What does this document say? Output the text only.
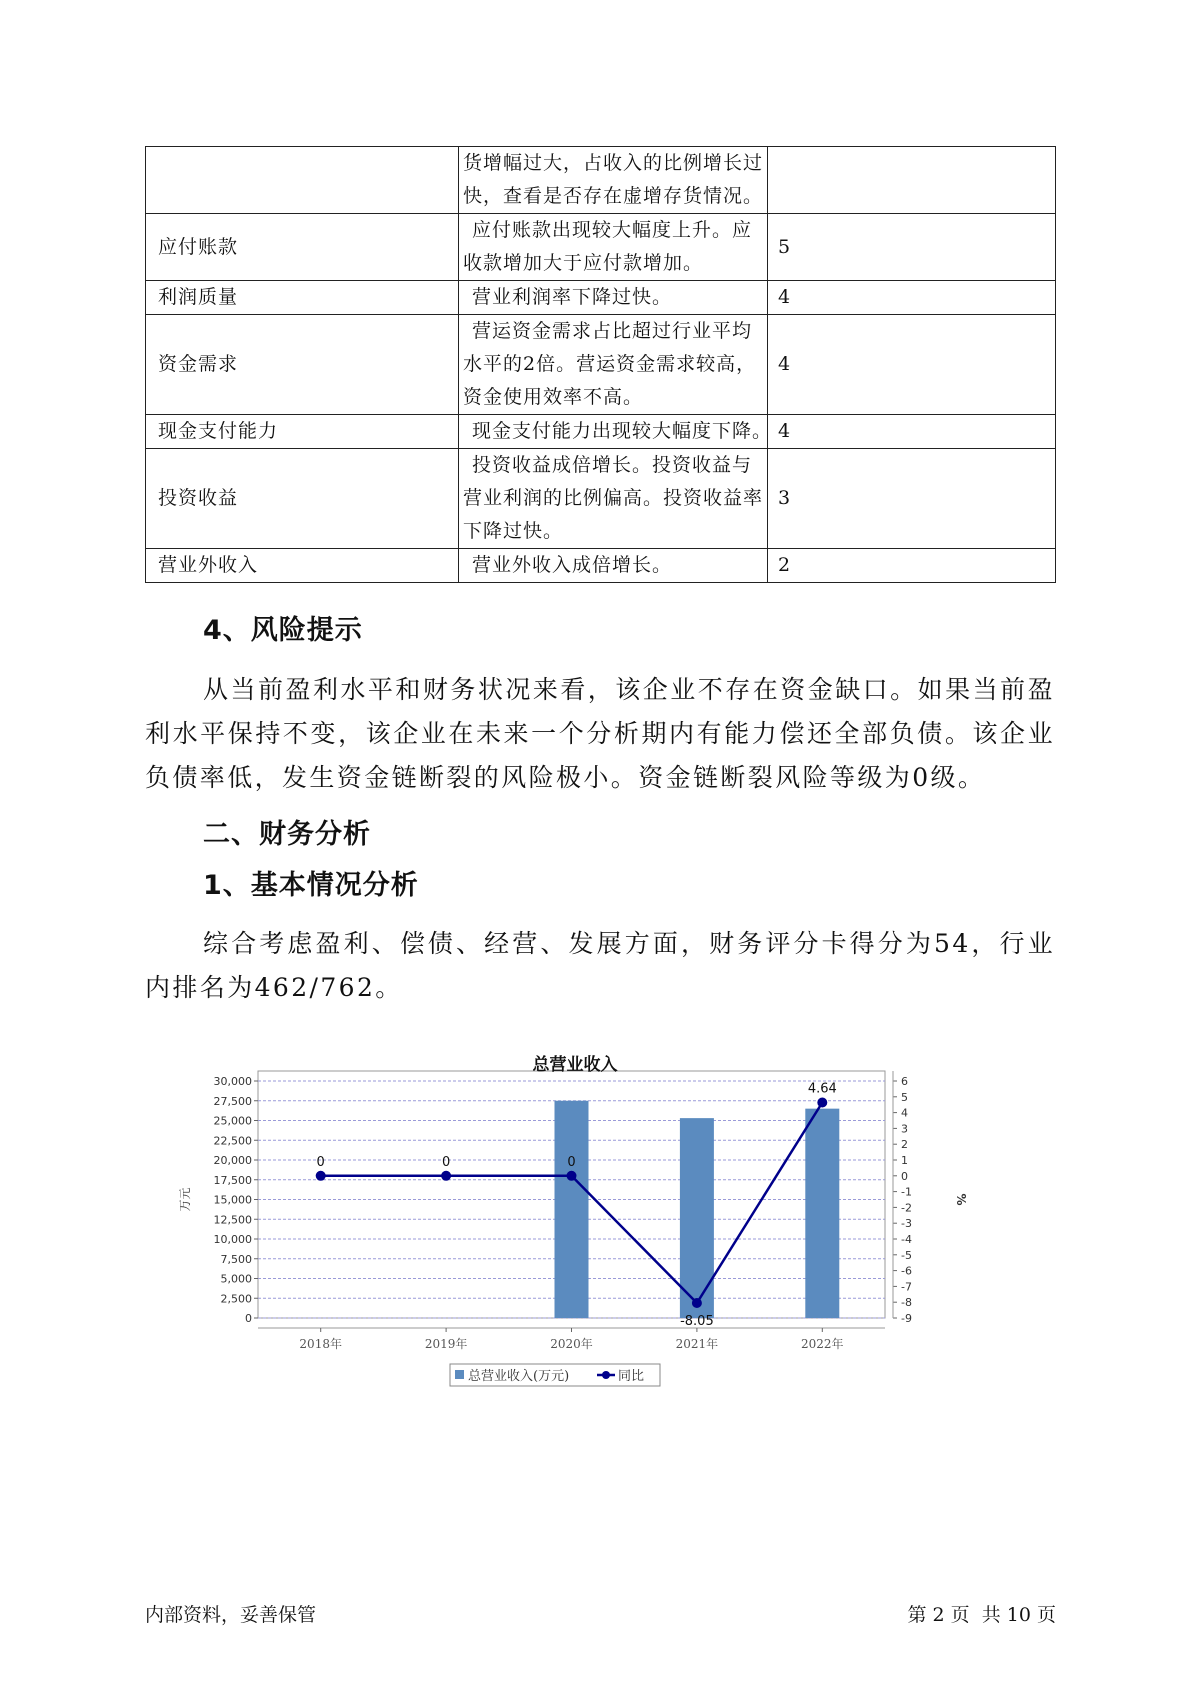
	货增幅过大，占收入的比例增长过
快，查看是否存在虚增存货情况。	

应付账款	应付账款出现较大幅度上升。应
收款增加大于应付款增加。	5
利润质量	营业利润率下降过快。	4
资金需求	营运资金需求占比超过行业平均
水平的2倍。营运资金需求较高，
资金使用效率不高。	4
现金支付能力	现金支付能力出现较大幅度下降。	4
投资收益	投资收益成倍增长。投资收益与
营业利润的比例偏高。投资收益率
下降过快。	3
营业外收入	营业外收入成倍增长。	2
4、风险提示

从当前盈利水平和财务状况来看，该企业不存在资金缺口。如果当前盈利水平保持不变，该企业在未来一个分析期内有能力偿还全部负债。该企业负债率低，发生资金链断裂的风险极小。资金链断裂风险等级为0级。

二、财务分析
1、基本情况分析

综合考虑盈利、偿债、经营、发展方面，财务评分卡得分为54，行业内排名为462/762。

总营业收入
0
2,500
5,000
7,500
10,000
12,500
15,000
17,500
20,000
22,500
25,000
27,500
30,000
-9
-8
-7
-6
-5
-4
-3
-2
-1
0
1
2
3
4
5
6
万元	%
2018年	2019年	2020年	2021年	2022年
0	0	0
-8.05
4.64
总营业收入(万元)	同比
内部资料，妥善保管	第 2 页  共 10 页
